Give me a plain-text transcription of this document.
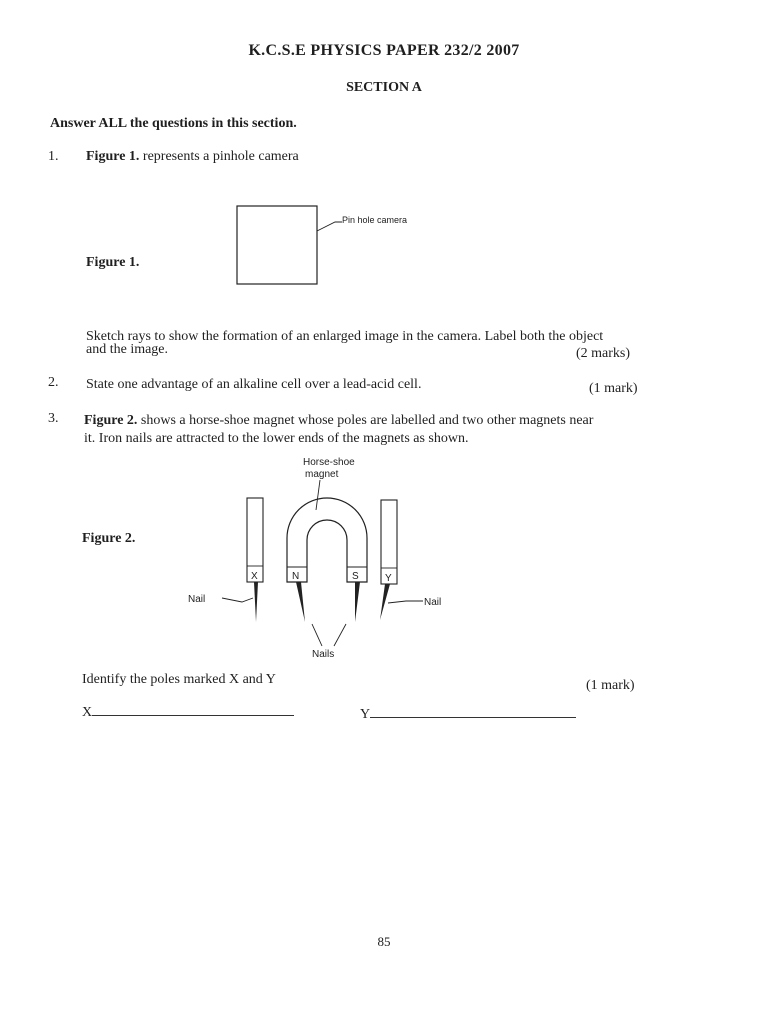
K.C.S.E PHYSICS PAPER 232/2 2007
SECTION A
Answer ALL the questions in this section.
1. Figure 1. represents a pinhole camera
Figure 1.
Pin hole camera
Sketch rays to show the formation of an enlarged image in the camera. Label both the object
and the image.	(2 marks)
2. State one advantage of an alkaline cell over a lead-acid cell.	(1 mark)
3. Figure 2. shows a horse-shoe magnet whose poles are labelled and two other magnets near
it. Iron nails are attracted to the lower ends of the magnets as shown.
Figure 2.
Horse-shoe
magnet
X
Nail
N	S
Nails
Y
Nail
Identify the poles marked X and Y	(1 mark)
X	Y
85
